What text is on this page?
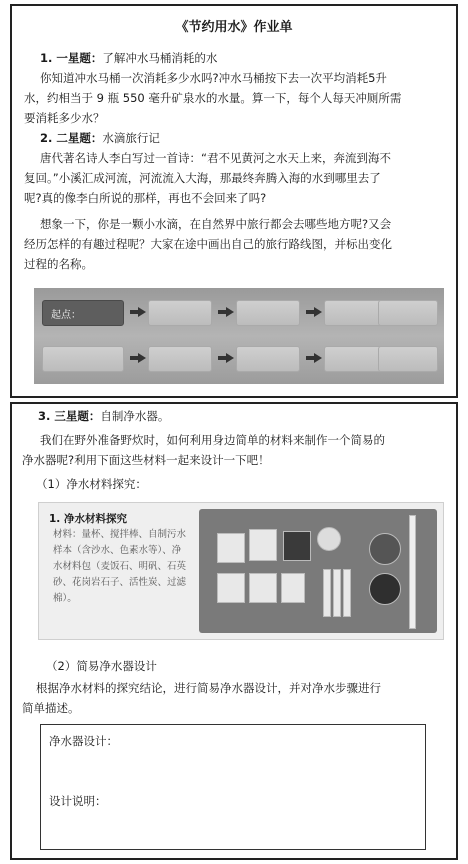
《节约用水》作业单
1. 一星题：了解冲水马桶消耗的水
你知道冲水马桶一次消耗多少水吗?冲水马桶按下去一次平均消耗5升
水，约相当于 9 瓶 550 毫升矿泉水的水量。算一下，每个人每天冲厕所需
要消耗多少水？
2. 二星题：水滴旅行记
唐代著名诗人李白写过一首诗：“君不见黄河之水天上来，奔流到海不
复回。”小溪汇成河流，河流流入大海，那最终奔腾入海的水到哪里去了
呢?真的像李白所说的那样，再也不会回来了吗?
想象一下，你是一颗小水滴，在自然界中旅行都会去哪些地方呢?又会
经历怎样的有趣过程呢？大家在途中画出自己的旅行路线图，并标出变化
过程的名称。
起点：
3. 三星题：自制净水器。
我们在野外准备野炊时，如何利用身边简单的材料来制作一个简易的
净水器呢?利用下面这些材料一起来设计一下吧！
（1）净水材料探究：
1. 净水材料探究
材料：量杯、搅拌棒、自制污水样本（含沙水、色素水等）、净水材料包（麦饭石、明矾、石英砂、花岗岩石子、活性炭、过滤棉）。
（2）简易净水器设计
根据净水材料的探究结论，进行简易净水器设计，并对净水步骤进行
简单描述。
净水器设计：
设计说明：
